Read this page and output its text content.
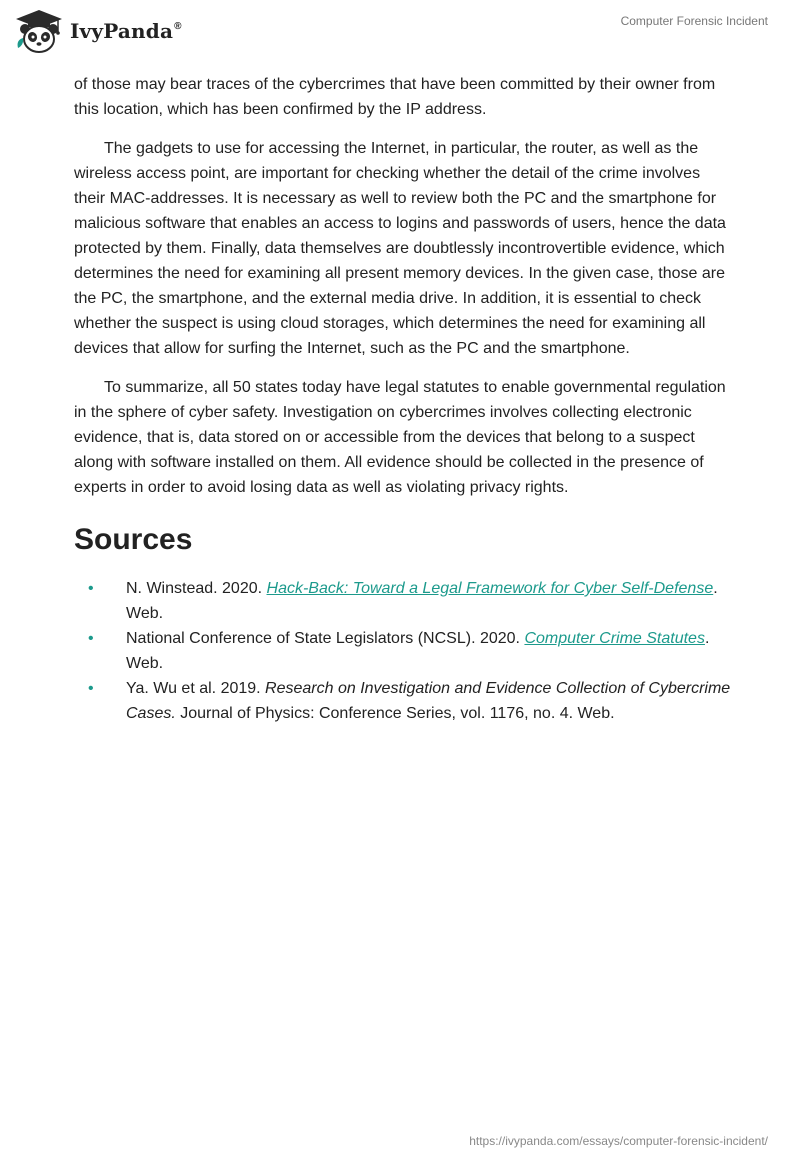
IvyPanda®	Computer Forensic Incident

of those may bear traces of the cybercrimes that have been committed by their owner from this location, which has been confirmed by the IP address.

The gadgets to use for accessing the Internet, in particular, the router, as well as the wireless access point, are important for checking whether the detail of the crime involves their MAC-addresses. It is necessary as well to review both the PC and the smartphone for malicious software that enables an access to logins and passwords of users, hence the data protected by them. Finally, data themselves are doubtlessly incontrovertible evidence, which determines the need for examining all present memory devices. In the given case, those are the PC, the smartphone, and the external media drive. In addition, it is essential to check whether the suspect is using cloud storages, which determines the need for examining all devices that allow for surfing the Internet, such as the PC and the smartphone.

To summarize, all 50 states today have legal statutes to enable governmental regulation in the sphere of cyber safety. Investigation on cybercrimes involves collecting electronic evidence, that is, data stored on or accessible from the devices that belong to a suspect along with software installed on them. All evidence should be collected in the presence of experts in order to avoid losing data as well as violating privacy rights.

Sources
• N. Winstead. 2020. Hack-Back: Toward a Legal Framework for Cyber Self-Defense. Web.
• National Conference of State Legislators (NCSL). 2020. Computer Crime Statutes. Web.
• Ya. Wu et al. 2019. Research on Investigation and Evidence Collection of Cybercrime Cases. Journal of Physics: Conference Series, vol. 1176, no. 4. Web.
https://ivypanda.com/essays/computer-forensic-incident/
